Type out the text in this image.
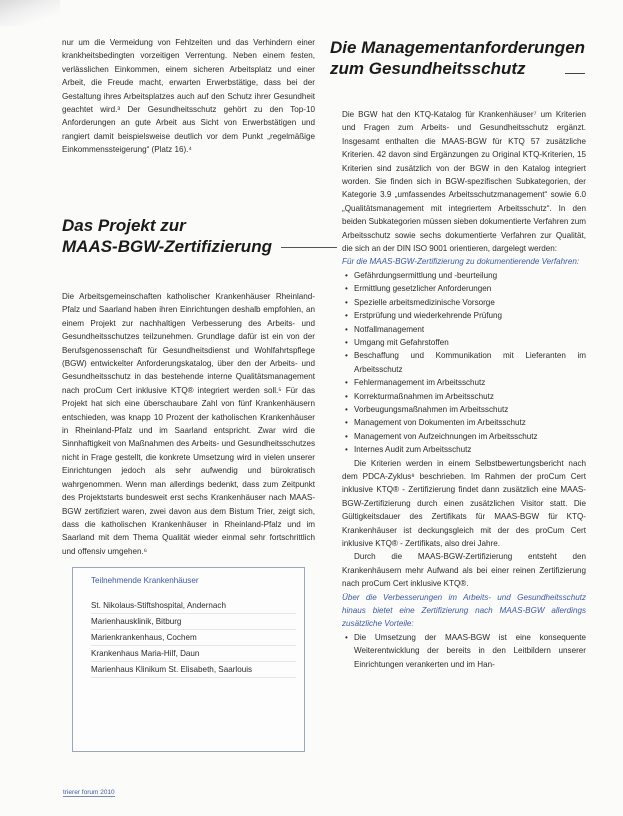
nur um die Vermeidung von Fehlzeiten und das Verhindern einer krankheitsbedingten vorzeitigen Verrentung. Neben einem festen, verlässlichen Einkommen, einem sicheren Arbeitsplatz und einer Arbeit, die Freude macht, erwarten Erwerbstätige, dass bei der Gestaltung ihres Arbeitsplatzes auch auf den Schutz ihrer Gesundheit geachtet wird.³ Der Gesundheitsschutz gehört zu den Top-10 Anforderungen an gute Arbeit aus Sicht von Erwerbstätigen und rangiert damit beispielsweise deutlich vor dem Punkt „regelmäßige Einkommenssteigerung“ (Platz 16).⁴

Das Projekt zur
MAAS-BGW-Zertifizierung

Die Arbeitsgemeinschaften katholischer Krankenhäuser Rheinland-Pfalz und Saarland haben ihren Einrichtungen deshalb empfohlen, an einem Projekt zur nachhaltigen Verbesserung des Arbeits- und Gesundheitsschutzes teilzunehmen. Grundlage dafür ist ein von der Berufsgenossenschaft für Gesundheitsdienst und Wohlfahrtspflege (BGW) entwickelter Anforderungskatalog, über den der Arbeits- und Gesundheitsschutz in das bestehende interne Qualitätsmanagement nach proCum Cert inklusive KTQ® integriert werden soll.⁵ Für das Projekt hat sich eine überschaubare Zahl von fünf Krankenhäusern entschieden, was knapp 10 Prozent der katholischen Krankenhäuser in Rheinland-Pfalz und im Saarland entspricht. Zwar wird die Sinnhaftigkeit von Maßnahmen des Arbeits- und Gesundheitsschutzes nicht in Frage gestellt, die konkrete Umsetzung wird in vielen unserer Einrichtungen jedoch als sehr aufwendig und bürokratisch wahrgenommen. Wenn man allerdings bedenkt, dass zum Zeitpunkt des Projektstarts bundesweit erst sechs Krankenhäuser nach MAAS-BGW zertifiziert waren, zwei davon aus dem Bistum Trier, zeigt sich, dass die katholischen Krankenhäuser in Rheinland-Pfalz und im Saarland mit dem Thema Qualität wieder einmal sehr fortschrittlich und offensiv umgehen.⁶

Teilnehmende Krankenhäuser
St. Nikolaus-Stiftshospital, Andernach
Marienhausklinik, Bitburg
Marienkrankenhaus, Cochem
Krankenhaus Maria-Hilf, Daun
Marienhaus Klinikum St. Elisabeth, Saarlouis
Die Managementanforderungen
zum Gesundheitsschutz

Die BGW hat den KTQ-Katalog für Krankenhäuser⁷ um Kriterien und Fragen zum Arbeits- und Gesundheitsschutz ergänzt. Insgesamt enthalten die MAAS-BGW für KTQ 57 zusätzliche Kriterien. 42 davon sind Ergänzungen zu Original KTQ-Kriterien, 15 Kriterien sind zusätzlich von der BGW in den Katalog integriert worden. Sie finden sich in BGW-spezifischen Subkategorien, der Kategorie 3.9 „umfassendes Arbeitsschutzmanagement“ sowie 6.0 „Qualitätsmanagement mit integriertem Arbeitsschutz“. In den beiden Subkategorien müssen sieben dokumentierte Verfahren zum Arbeitsschutz sowie sechs dokumentierte Verfahren zur Qualität, die sich an der DIN ISO 9001 orientieren, dargelegt werden:

Für die MAAS-BGW-Zertifizierung zu dokumentierende Verfahren:

• Gefährdungsermittlung und -beurteilung
• Ermittlung gesetzlicher Anforderungen
• Spezielle arbeitsmedizinische Vorsorge
• Erstprüfung und wiederkehrende Prüfung
• Notfallmanagement
• Umgang mit Gefahrstoffen
• Beschaffung und Kommunikation mit Lieferanten im Arbeitsschutz
• Fehlermanagement im Arbeitsschutz
• Korrekturmaßnahmen im Arbeitsschutz
• Vorbeugungsmaßnahmen im Arbeitsschutz
• Management von Dokumenten im Arbeitsschutz
• Management von Aufzeichnungen im Arbeitsschutz
• Internes Audit zum Arbeitsschutz

Die Kriterien werden in einem Selbstbewertungsbericht nach dem PDCA-Zyklus⁸ beschrieben. Im Rahmen der proCum Cert inklusive KTQ® - Zertifizierung findet dann zusätzlich eine MAAS-BGW-Zertifizierung durch einen zusätzlichen Visitor statt. Die Gültigkeitsdauer des Zertifikats für MAAS-BGW für KTQ-Krankenhäuser ist deckungsgleich mit der des proCum Cert inklusive KTQ® - Zertifikats, also drei Jahre.

Durch die MAAS-BGW-Zertifizierung entsteht den Krankenhäusern mehr Aufwand als bei einer reinen Zertifizierung nach proCum Cert inklusive KTQ®.

Über die Verbesserungen im Arbeits- und Gesundheitsschutz hinaus bietet eine Zertifizierung nach MAAS-BGW allerdings zusätzliche Vorteile:

• Die Umsetzung der MAAS-BGW ist eine konsequente Weiterentwicklung der bereits in den Leitbildern unserer Einrichtungen verankerten und im Han-
trierer forum 2010
